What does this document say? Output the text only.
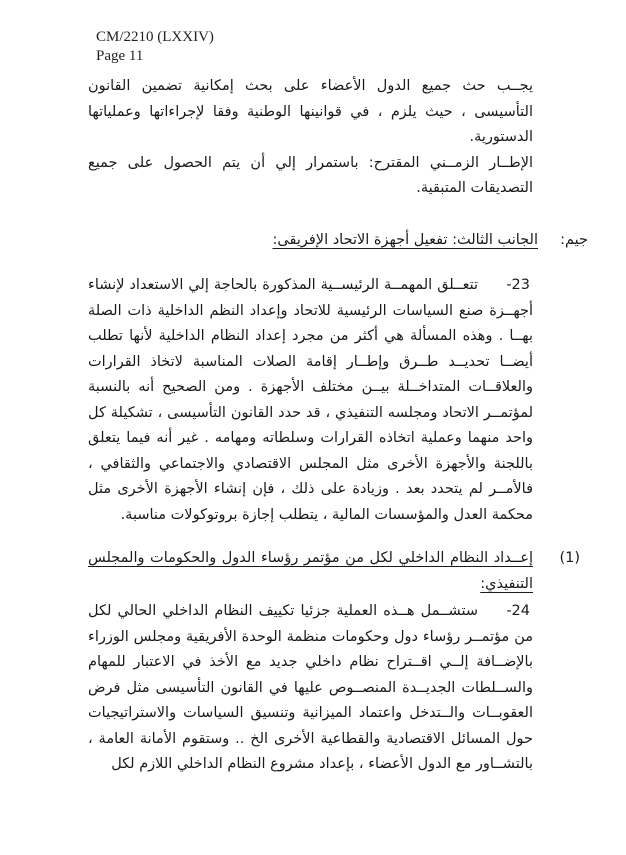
CM/2210 (LXXIV)
Page 11

يجــب حث جميع الدول الأعضاء على بحث إمكانية تضمين القانون التأسيسى ، حيث يلزم ، في قوانينها الوطنية وفقا لإجراءاتها وعملياتها الدستورية.

الإطــار الزمــني المقترح: باستمرار إلي أن يتم الحصول على جميع التصديقات المتبقية.

جيم:
الجانب الثالث: تفعيل أجهزة الاتحاد الإفريقى:
-23
تتعــلق المهمــة الرئيســية المذكورة بالحاجة إلي الاستعداد لإنشاء أجهــزة صنع السياسات الرئيسية للاتحاد وإعداد النظم الداخلية ذات الصلة بهــا . وهذه المسألة هي أكثر من مجرد إعداد النظام الداخلية لأنها تطلب أيضــا تحديــد طــرق وإطــار إقامة الصلات المناسبة لاتخاذ القرارات والعلاقــات المتداخــلة بيــن مختلف الأجهزة . ومن الصحيح أنه بالنسبة لمؤتمــر الاتحاد ومجلسه التنفيذي ، قد حدد القانون التأسيسى ، تشكيلة كل واحد منهما وعملية اتخاذه القرارات وسلطاته ومهامه . غير أنه فيما يتعلق باللجنة والأجهزة الأخرى مثل المجلس الاقتصادي والاجتماعي والثقافي ، فالأمــر لم يتحدد بعد . وزيادة على ذلك ، فإن إنشاء الأجهزة الأخرى مثل محكمة العدل والمؤسسات المالية ، يتطلب إجازة بروتوكولات مناسبة.
(1)
إعــداد النظام الداخلي لكل من مؤتمر رؤساء الدول والحكومات والمجلس التنفيذي:
-24
ستشــمل هــذه العملية جزئيا تكييف النظام الداخلي الحالي لكل من مؤتمــر رؤساء دول وحكومات منظمة الوحدة الأفريقية ومجلس الوزراء بالإضــافة إلــي اقــتراح نظام داخلي جديد مع الأخذ في الاعتبار للمهام والســلطات الجديــدة المنصــوص عليها في القانون التأسيسى مثل فرض العقوبــات والــتدخل واعتماد الميزانية وتنسيق السياسات والاستراتيجيات حول المسائل الاقتصادية والقطاعية الأخرى الخ .. وستقوم الأمانة العامة ، بالتشــاور مع الدول الأعضاء ، بإعداد مشروع النظام الداخلي اللازم لكل
